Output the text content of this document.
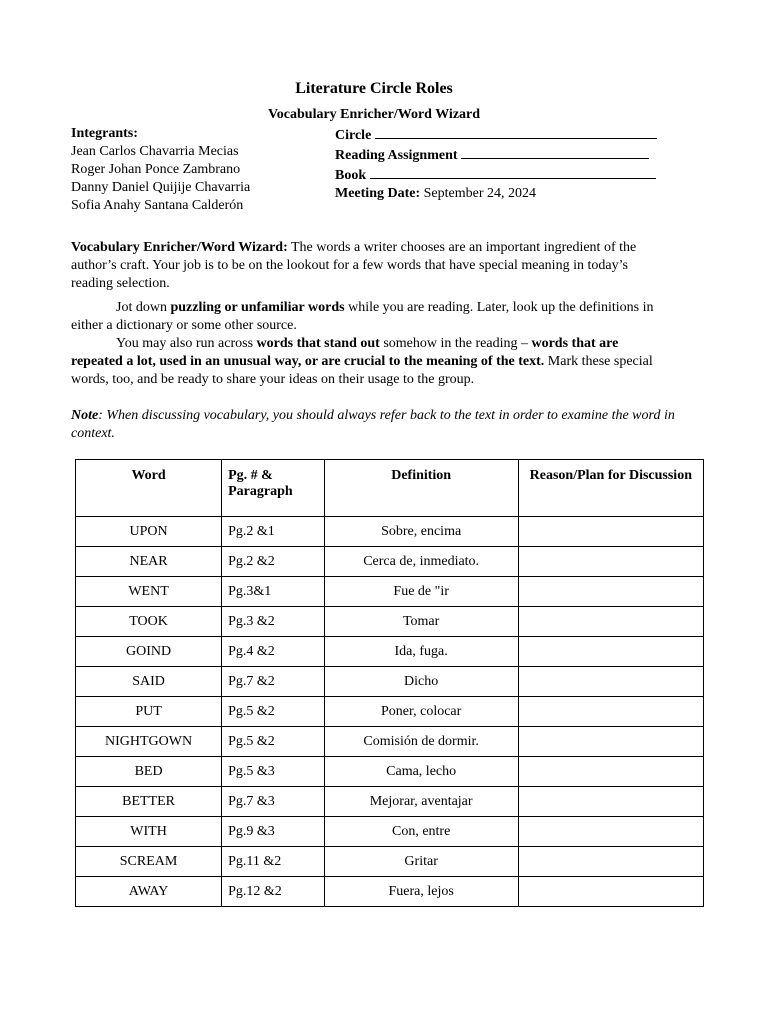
Literature Circle Roles
Vocabulary Enricher/Word Wizard
Integrants:
Jean Carlos Chavarria Mecias
Roger Johan Ponce Zambrano
Danny Daniel Quijije Chavarria
Sofia Anahy Santana Calderón
Circle
Reading Assignment
Book
Meeting Date: September 24, 2024
Vocabulary Enricher/Word Wizard: The words a writer chooses are an important ingredient of the author’s craft. Your job is to be on the lookout for a few words that have special meaning in today’s reading selection.
Jot down puzzling or unfamiliar words while you are reading. Later, look up the definitions in either a dictionary or some other source.
You may also run across words that stand out somehow in the reading – words that are repeated a lot, used in an unusual way, or are crucial to the meaning of the text. Mark these special words, too, and be ready to share your ideas on their usage to the group.
Note: When discussing vocabulary, you should always refer back to the text in order to examine the word in context.
Word	Pg. # & Paragraph	Definition	Reason/Plan for Discussion
UPON	Pg.2 &1	Sobre, encima	
NEAR	Pg.2 &2	Cerca de, inmediato.	
WENT	Pg.3&1	Fue de "ir	
TOOK	Pg.3 &2	Tomar	
GOIND	Pg.4 &2	Ida, fuga.	
SAID	Pg.7 &2	Dicho	
PUT	Pg.5 &2	Poner, colocar	
NIGHTGOWN	Pg.5 &2	Comisión de dormir.	
BED	Pg.5 &3	Cama, lecho	
BETTER	Pg.7 &3	Mejorar, aventajar	
WITH	Pg.9 &3	Con, entre	
SCREAM	Pg.11 &2	Gritar	
AWAY	Pg.12 &2	Fuera, lejos	
